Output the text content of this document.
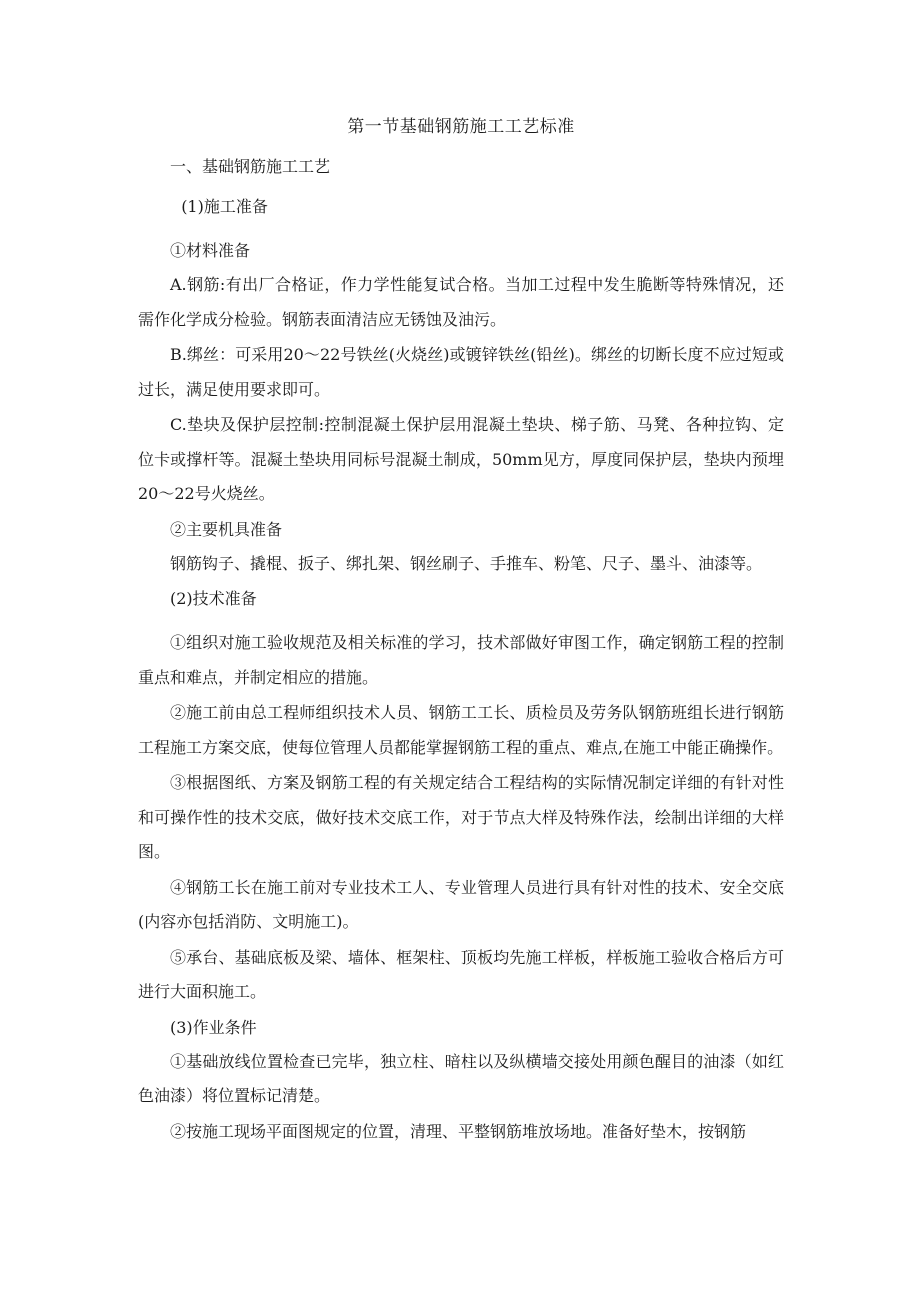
第一节基础钢筋施工工艺标准

一、基础钢筋施工工艺

(1)施工准备

①材料准备

A.钢筋:有出厂合格证，作力学性能复试合格。当加工过程中发生脆断等特殊情况，还需作化学成分检验。钢筋表面清洁应无锈蚀及油污。

B.绑丝：可采用20～22号铁丝(火烧丝)或镀锌铁丝(铅丝)。绑丝的切断长度不应过短或过长，满足使用要求即可。

C.垫块及保护层控制:控制混凝土保护层用混凝土垫块、梯子筋、马凳、各种拉钩、定位卡或撑杆等。混凝土垫块用同标号混凝土制成，50mm见方，厚度同保护层，垫块内预埋20～22号火烧丝。

②主要机具准备

钢筋钩子、撬棍、扳子、绑扎架、钢丝刷子、手推车、粉笔、尺子、墨斗、油漆等。

(2)技术准备

①组织对施工验收规范及相关标准的学习，技术部做好审图工作，确定钢筋工程的控制重点和难点，并制定相应的措施。

②施工前由总工程师组织技术人员、钢筋工工长、质检员及劳务队钢筋班组长进行钢筋工程施工方案交底，使每位管理人员都能掌握钢筋工程的重点、难点,在施工中能正确操作。

③根据图纸、方案及钢筋工程的有关规定结合工程结构的实际情况制定详细的有针对性和可操作性的技术交底，做好技术交底工作，对于节点大样及特殊作法，绘制出详细的大样图。

④钢筋工长在施工前对专业技术工人、专业管理人员进行具有针对性的技术、安全交底(内容亦包括消防、文明施工)。

⑤承台、基础底板及梁、墙体、框架柱、顶板均先施工样板，样板施工验收合格后方可进行大面积施工。

(3)作业条件

①基础放线位置检查已完毕，独立柱、暗柱以及纵横墙交接处用颜色醒目的油漆（如红色油漆）将位置标记清楚。

②按施工现场平面图规定的位置，清理、平整钢筋堆放场地。准备好垫木，按钢筋
